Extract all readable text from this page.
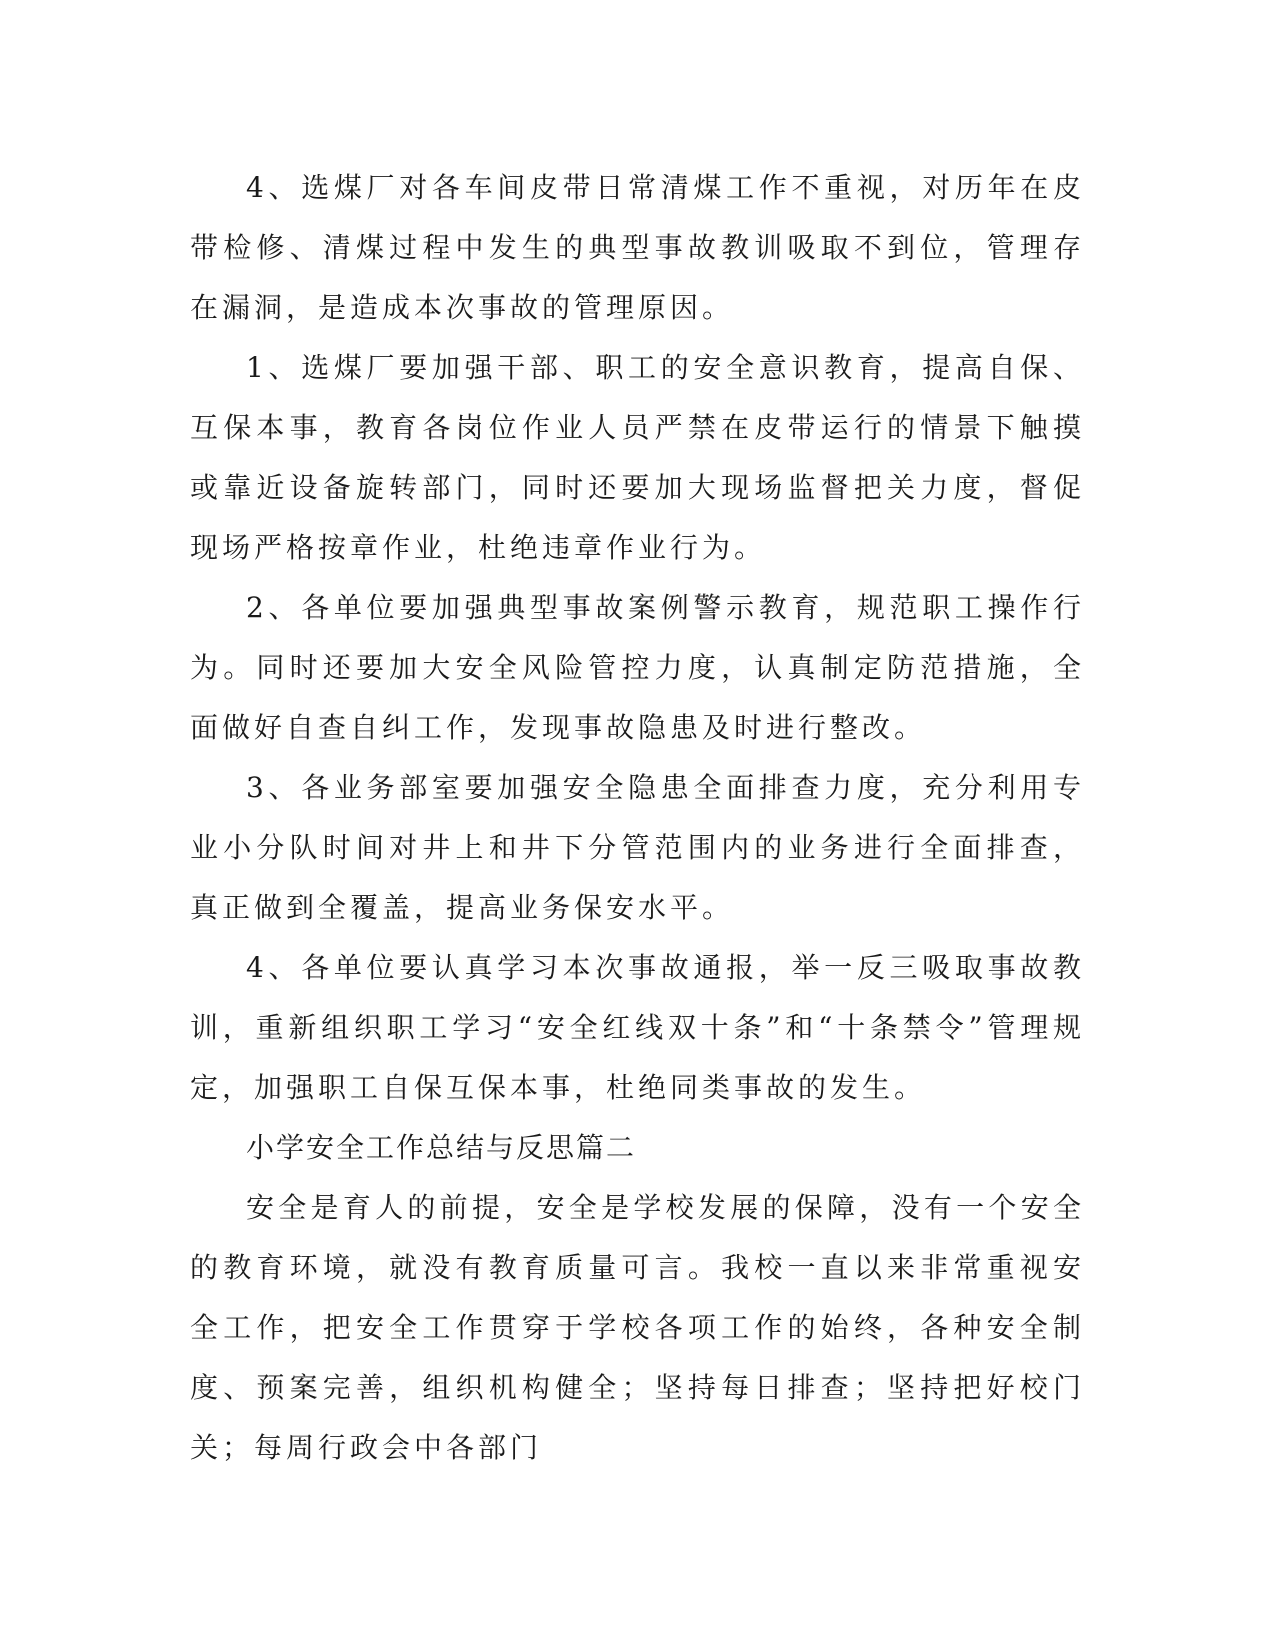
4、选煤厂对各车间皮带日常清煤工作不重视，对历年在皮带检修、清煤过程中发生的典型事故教训吸取不到位，管理存在漏洞，是造成本次事故的管理原因。

1、选煤厂要加强干部、职工的安全意识教育，提高自保、互保本事，教育各岗位作业人员严禁在皮带运行的情景下触摸或靠近设备旋转部门，同时还要加大现场监督把关力度，督促现场严格按章作业，杜绝违章作业行为。

2、各单位要加强典型事故案例警示教育，规范职工操作行为。同时还要加大安全风险管控力度，认真制定防范措施，全面做好自查自纠工作，发现事故隐患及时进行整改。

3、各业务部室要加强安全隐患全面排查力度，充分利用专业小分队时间对井上和井下分管范围内的业务进行全面排查，真正做到全覆盖，提高业务保安水平。

4、各单位要认真学习本次事故通报，举一反三吸取事故教训，重新组织职工学习“安全红线双十条”和“十条禁令”管理规定，加强职工自保互保本事，杜绝同类事故的发生。

小学安全工作总结与反思篇二

安全是育人的前提，安全是学校发展的保障，没有一个安全的教育环境，就没有教育质量可言。我校一直以来非常重视安全工作，把安全工作贯穿于学校各项工作的始终，各种安全制度、预案完善，组织机构健全；坚持每日排查；坚持把好校门关；每周行政会中各部门
